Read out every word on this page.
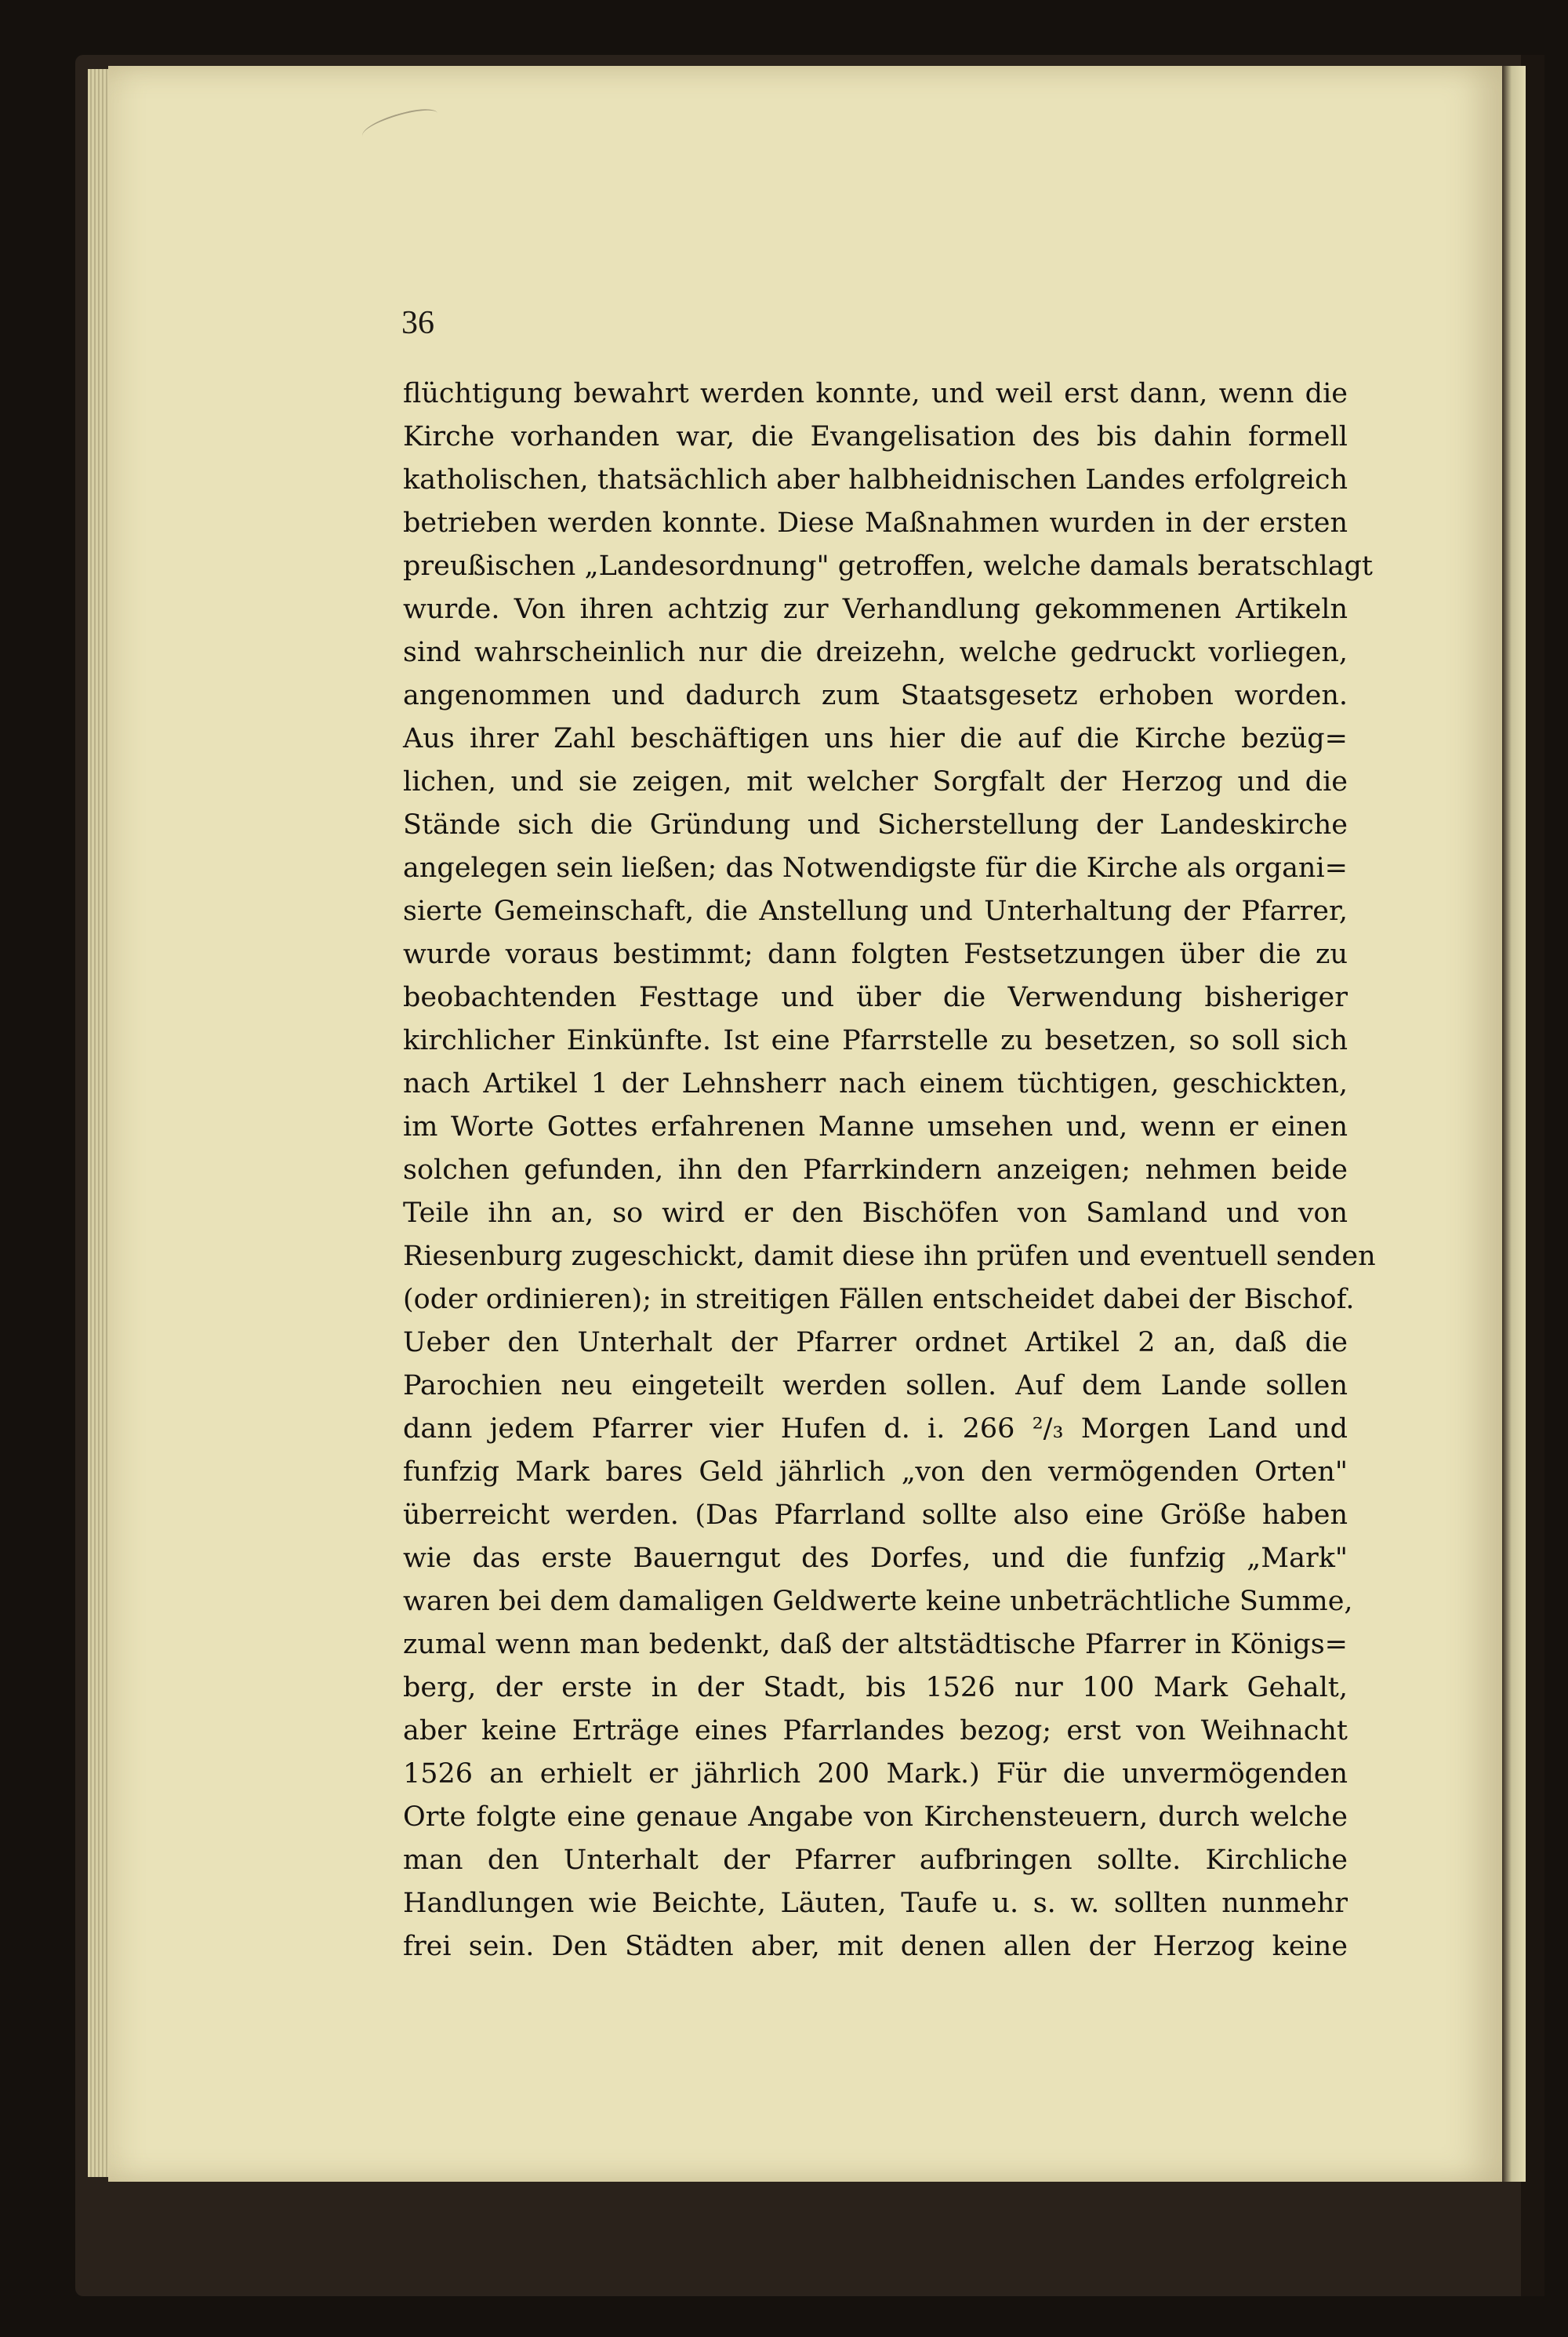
36
flüchtigung bewahrt werden konnte, und weil erst dann, wenn die
Kirche vorhanden war, die Evangelisation des bis dahin formell
katholischen, thatsächlich aber halbheidnischen Landes erfolgreich
betrieben werden konnte. Diese Maßnahmen wurden in der ersten
preußischen „Landesordnung" getroffen, welche damals beratschlagt
wurde. Von ihren achtzig zur Verhandlung gekommenen Artikeln
sind wahrscheinlich nur die dreizehn, welche gedruckt vorliegen,
angenommen und dadurch zum Staatsgesetz erhoben worden.
Aus ihrer Zahl beschäftigen uns hier die auf die Kirche bezüg=
lichen, und sie zeigen, mit welcher Sorgfalt der Herzog und die
Stände sich die Gründung und Sicherstellung der Landeskirche
angelegen sein ließen; das Notwendigste für die Kirche als organi=
sierte Gemeinschaft, die Anstellung und Unterhaltung der Pfarrer,
wurde voraus bestimmt; dann folgten Festsetzungen über die zu
beobachtenden Festtage und über die Verwendung bisheriger
kirchlicher Einkünfte. Ist eine Pfarrstelle zu besetzen, so soll sich
nach Artikel 1 der Lehnsherr nach einem tüchtigen, geschickten,
im Worte Gottes erfahrenen Manne umsehen und, wenn er einen
solchen gefunden, ihn den Pfarrkindern anzeigen; nehmen beide
Teile ihn an, so wird er den Bischöfen von Samland und von
Riesenburg zugeschickt, damit diese ihn prüfen und eventuell senden
(oder ordinieren); in streitigen Fällen entscheidet dabei der Bischof.
Ueber den Unterhalt der Pfarrer ordnet Artikel 2 an, daß die
Parochien neu eingeteilt werden sollen. Auf dem Lande sollen
dann jedem Pfarrer vier Hufen d. i. 266 ²/₃ Morgen Land und
funfzig Mark bares Geld jährlich „von den vermögenden Orten"
überreicht werden. (Das Pfarrland sollte also eine Größe haben
wie das erste Bauerngut des Dorfes, und die funfzig „Mark"
waren bei dem damaligen Geldwerte keine unbeträchtliche Summe,
zumal wenn man bedenkt, daß der altstädtische Pfarrer in Königs=
berg, der erste in der Stadt, bis 1526 nur 100 Mark Gehalt,
aber keine Erträge eines Pfarrlandes bezog; erst von Weihnacht
1526 an erhielt er jährlich 200 Mark.) Für die unvermögenden
Orte folgte eine genaue Angabe von Kirchensteuern, durch welche
man den Unterhalt der Pfarrer aufbringen sollte. Kirchliche
Handlungen wie Beichte, Läuten, Taufe u. s. w. sollten nunmehr
frei sein. Den Städten aber, mit denen allen der Herzog keine
